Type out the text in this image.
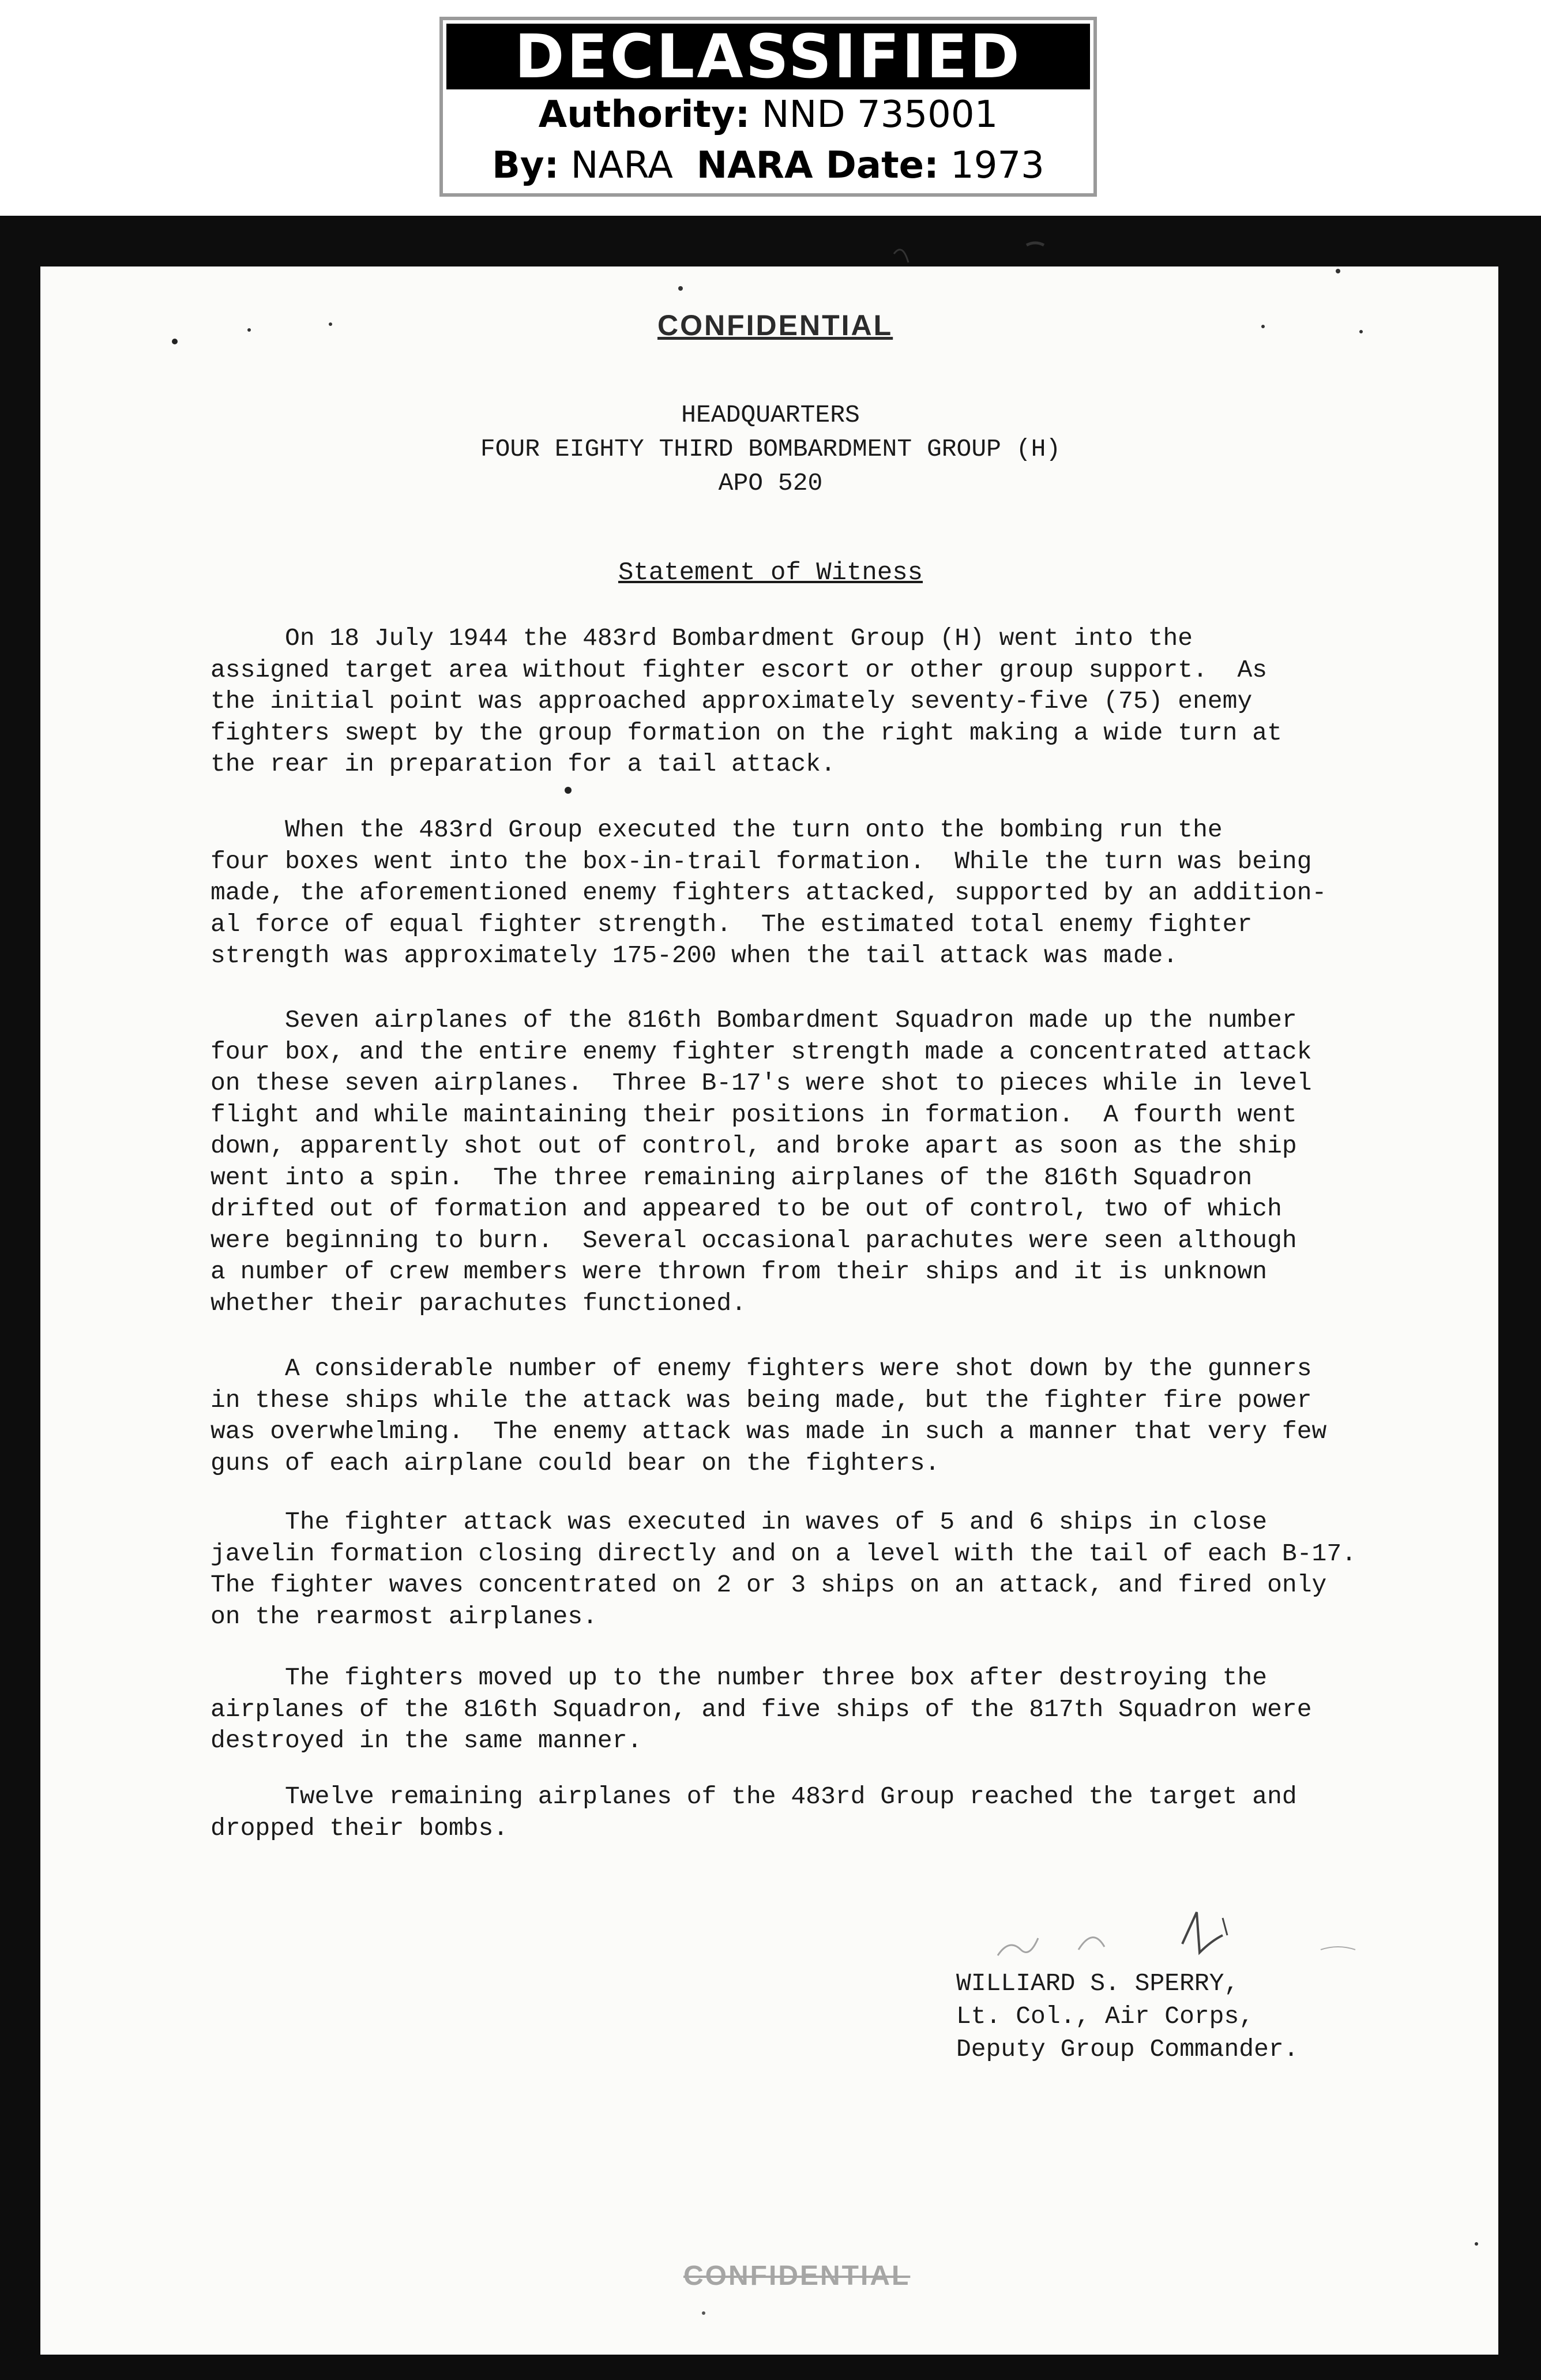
DECLASSIFIED
Authority: NND 735001
By: NARA NARA Date: 1973
CONFIDENTIAL
HEADQUARTERS
FOUR EIGHTY THIRD BOMBARDMENT GROUP (H)
APO 520
Statement of Witness
On 18 July 1944 the 483rd Bombardment Group (H) went into the
assigned target area without fighter escort or other group support.  As
the initial point was approached approximately seventy-five (75) enemy
fighters swept by the group formation on the right making a wide turn at
the rear in preparation for a tail attack.
When the 483rd Group executed the turn onto the bombing run the
four boxes went into the box-in-trail formation.  While the turn was being
made, the aforementioned enemy fighters attacked, supported by an addition-
al force of equal fighter strength.  The estimated total enemy fighter
strength was approximately 175-200 when the tail attack was made.
Seven airplanes of the 816th Bombardment Squadron made up the number
four box, and the entire enemy fighter strength made a concentrated attack
on these seven airplanes.  Three B-17's were shot to pieces while in level
flight and while maintaining their positions in formation.  A fourth went
down, apparently shot out of control, and broke apart as soon as the ship
went into a spin.  The three remaining airplanes of the 816th Squadron
drifted out of formation and appeared to be out of control, two of which
were beginning to burn.  Several occasional parachutes were seen although
a number of crew members were thrown from their ships and it is unknown
whether their parachutes functioned.
A considerable number of enemy fighters were shot down by the gunners
in these ships while the attack was being made, but the fighter fire power
was overwhelming.  The enemy attack was made in such a manner that very few
guns of each airplane could bear on the fighters.
The fighter attack was executed in waves of 5 and 6 ships in close
javelin formation closing directly and on a level with the tail of each B-17.
The fighter waves concentrated on 2 or 3 ships on an attack, and fired only
on the rearmost airplanes.
The fighters moved up to the number three box after destroying the
airplanes of the 816th Squadron, and five ships of the 817th Squadron were
destroyed in the same manner.
Twelve remaining airplanes of the 483rd Group reached the target and
dropped their bombs.
WILLIARD S. SPERRY,
Lt. Col., Air Corps,
Deputy Group Commander.
CONFIDENTIAL
